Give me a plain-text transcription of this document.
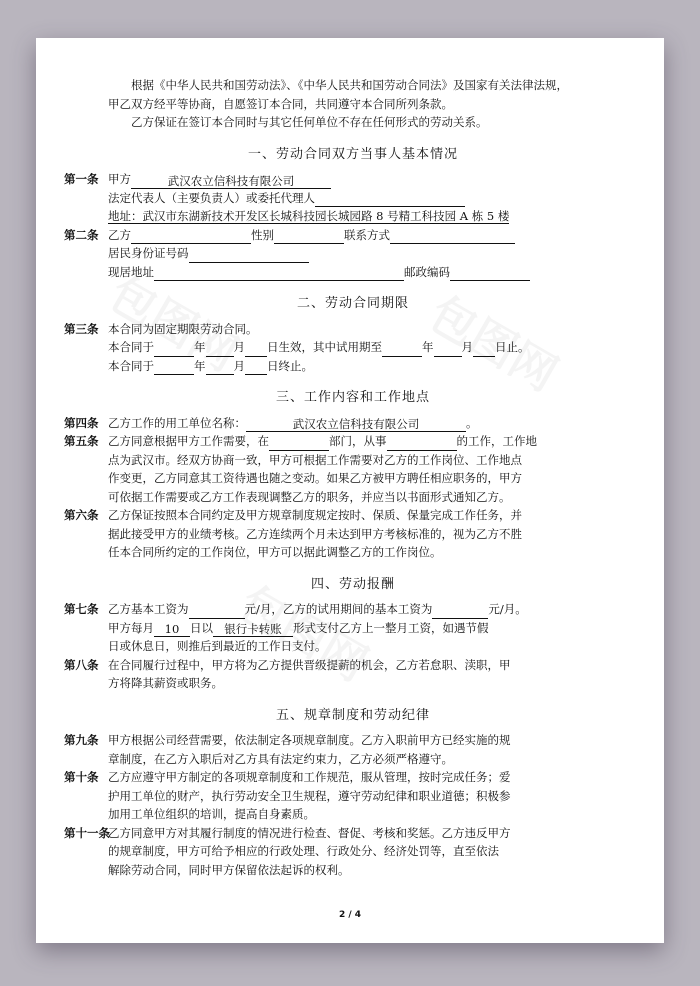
根据《中华人民共和国劳动法》、《中华人民共和国劳动合同法》及国家有关法律法规，

甲乙双方经平等协商，自愿签订本合同，共同遵守本合同所列条款。

乙方保证在签订本合同时与其它任何单位不存在任何形式的劳动关系。

一、劳动合同双方当事人基本情况
第一条 甲方	武汉农立信科技有限公司
法定代表人（主要负责人）或委托代理人
地址：武汉市东湖新技术开发区长城科技园长城园路 8 号精工科技园 A 栋 5 楼
第二条 乙方	性别	联系方式
居民身份证号码
现居地址	邮政编码
二、劳动合同期限
第三条 本合同为固定期限劳动合同。
本合同于	年 月 日生效，其中试用期至	年 月 日止。
本合同于	年 月 日终止。
三、工作内容和工作地点
第四条 乙方工作的用工单位名称：	武汉农立信科技有限公司	。
第五条 乙方同意根据甲方工作需要，在	部门，从事	的工作，工作地
点为武汉市。经双方协商一致，甲方可根据工作需要对乙方的工作岗位、工作地点
作变更，乙方同意其工资待遇也随之变动。如果乙方被甲方聘任相应职务的，甲方
可依据工作需要或乙方工作表现调整乙方的职务，并应当以书面形式通知乙方。
第六条 乙方保证按照本合同约定及甲方规章制度规定按时、保质、保量完成工作任务，并
据此接受甲方的业绩考核。乙方连续两个月未达到甲方考核标准的，视为乙方不胜
任本合同所约定的工作岗位，甲方可以据此调整乙方的工作岗位。
四、劳动报酬
第七条 乙方基本工资为	元/月，乙方的试用期间的基本工资为	元/月。
甲方每月 10 日以 银行卡转账 形式支付乙方上一整月工资，如遇节假
日或休息日，则推后到最近的工作日支付。
第八条 在合同履行过程中，甲方将为乙方提供晋级提薪的机会，乙方若怠职、渎职，甲
方将降其薪资或职务。
五、规章制度和劳动纪律
第九条 甲方根据公司经营需要，依法制定各项规章制度。乙方入职前甲方已经实施的规
章制度，在乙方入职后对乙方具有法定约束力，乙方必须严格遵守。
第十条 乙方应遵守甲方制定的各项规章制度和工作规范，服从管理，按时完成任务；爱
护用工单位的财产，执行劳动安全卫生规程，遵守劳动纪律和职业道德；积极参
加用工单位组织的培训，提高自身素质。
第十一条
乙方同意甲方对其履行制度的情况进行检查、督促、考核和奖惩。乙方违反甲方
的规章制度，甲方可给予相应的行政处理、行政处分、经济处罚等，直至依法
解除劳动合同，同时甲方保留依法起诉的权利。
2 / 4
